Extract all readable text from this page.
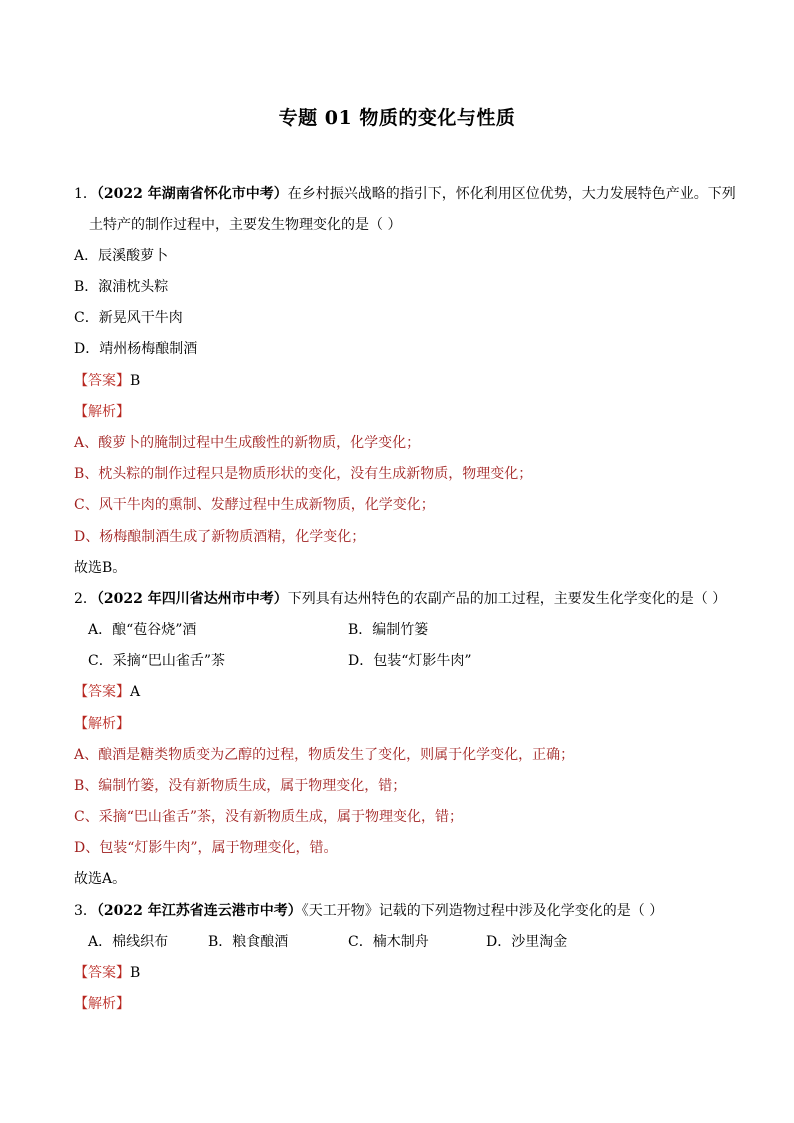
专题 01 物质的变化与性质
1．（2022 年湖南省怀化市中考）在乡村振兴战略的指引下，怀化利用区位优势，大力发展特色产业。下列
土特产的制作过程中，主要发生物理变化的是（ ）
A．辰溪酸萝卜
B．溆浦枕头粽
C．新晃风干牛肉
D．靖州杨梅酿制酒
【答案】B
【解析】
A、酸萝卜的腌制过程中生成酸性的新物质，化学变化；
B、枕头粽的制作过程只是物质形状的变化，没有生成新物质，物理变化；
C、风干牛肉的熏制、发酵过程中生成新物质，化学变化；
D、杨梅酿制酒生成了新物质酒精，化学变化；
故选B。
2．（2022 年四川省达州市中考）下列具有达州特色的农副产品的加工过程，主要发生化学变化的是（ ）
A．酿“苞谷烧”酒	B．编制竹篓
C．采摘“巴山雀舌”茶	D．包装“灯影牛肉”
【答案】A
【解析】
A、酿酒是糖类物质变为乙醇的过程，物质发生了变化，则属于化学变化，正确；
B、编制竹篓，没有新物质生成，属于物理变化，错；
C、采摘“巴山雀舌”茶，没有新物质生成，属于物理变化，错；
D、包装“灯影牛肉”，属于物理变化，错。
故选A。
3．（2022 年江苏省连云港市中考）《天工开物》记载的下列造物过程中涉及化学变化的是（ ）
A．棉线织布	B．粮食酿酒	C．楠木制舟	D．沙里淘金
【答案】B
【解析】
